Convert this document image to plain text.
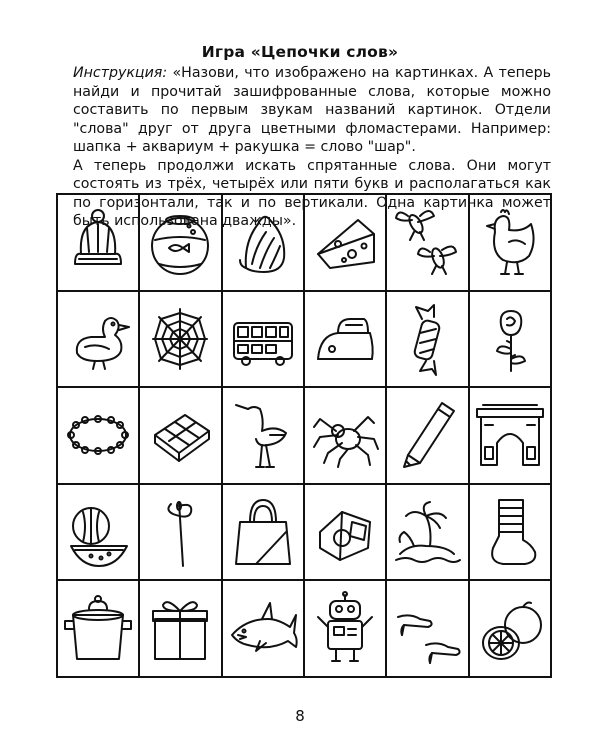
Игра «Цепочки слов»

Инструкция: «Назови, что изображено на картинках. А теперь найди и прочитай зашифрованные слова, которые можно составить по первым звукам названий картинок. Отдели "слова" друг от друга цветными фломастерами. Например: шапка + аквариум + ракушка = слово "шар".

А теперь продолжи искать спрятанные слова. Они могут состоять из трёх, четырёх или пяти букв и располагаться как по горизонтали, так и по вертикали. Одна картинка может быть использована дважды».

8
